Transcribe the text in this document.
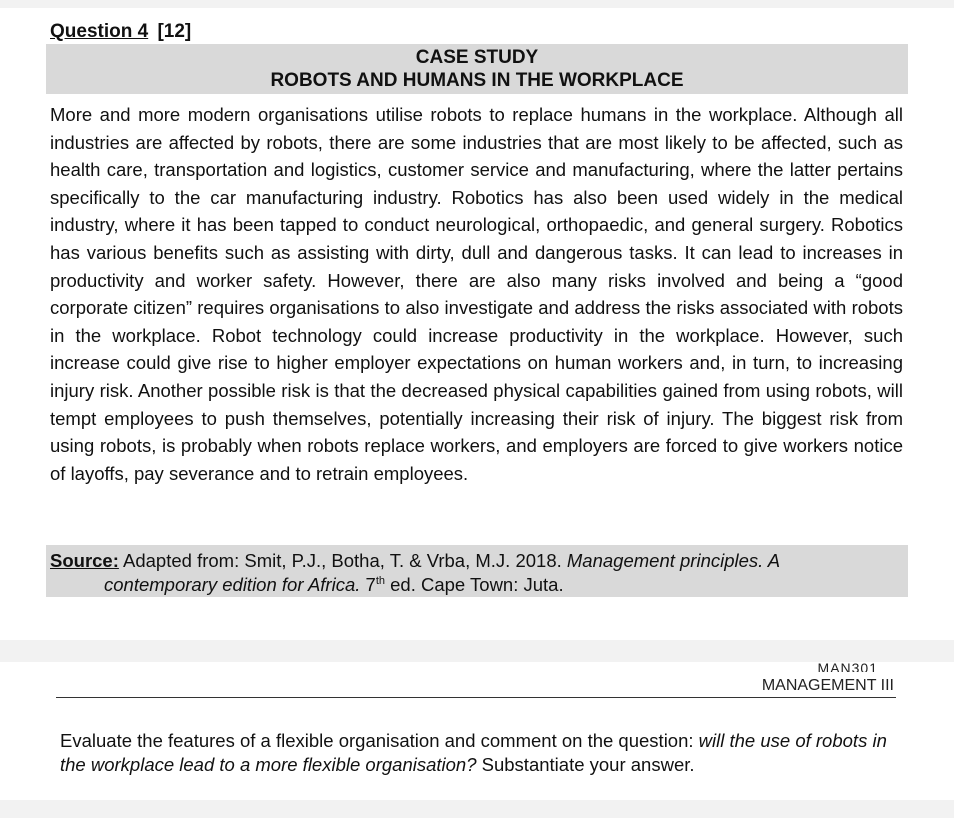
Question 4 [12]
CASE STUDY
ROBOTS AND HUMANS IN THE WORKPLACE

More and more modern organisations utilise robots to replace humans in the workplace. Although all industries are affected by robots, there are some industries that are most likely to be affected, such as health care, transportation and logistics, customer service and manufacturing, where the latter pertains specifically to the car manufacturing industry. Robotics has also been used widely in the medical industry, where it has been tapped to conduct neurological, orthopaedic, and general surgery. Robotics has various benefits such as assisting with dirty, dull and dangerous tasks. It can lead to increases in productivity and worker safety. However, there are also many risks involved and being a “good corporate citizen” requires organisations to also investigate and address the risks associated with robots in the workplace. Robot technology could increase productivity in the workplace. However, such increase could give rise to higher employer expectations on human workers and, in turn, to increasing injury risk. Another possible risk is that the decreased physical capabilities gained from using robots, will tempt employees to push themselves, potentially increasing their risk of injury. The biggest risk from using robots, is probably when robots replace workers, and employers are forced to give workers notice of layoffs, pay severance and to retrain employees.

Source: Adapted from: Smit, P.J., Botha, T. & Vrba, M.J. 2018. Management principles. A
contemporary edition for Africa. 7th ed. Cape Town: Juta.
MAN301
MANAGEMENT III

Evaluate the features of a flexible organisation and comment on the question: will the use of robots in the workplace lead to a more flexible organisation? Substantiate your answer.
